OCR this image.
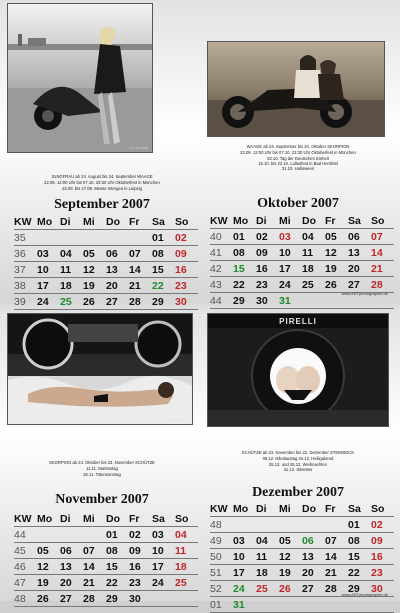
by Lutz Sarah
JUNGFRAU ab 24. August bis 24. September WAAGE
22.09. 12:00 Uhr bis 07.10. 23:30 Uhr Oktoberfest in München
23.09. bis 27.09. Messe Intergeo in Leipzig
September 2007
KW	Mo	Di	Mi	Do	Fr	Sa	So
35						01	02
36	03	04	05	06	07	08	09
37	10	11	12	13	14	15	16
38	17	18	19	20	21	22	23
39	24	25	26	27	28	29	30
WAAGE ab 24. September bis 24. Oktober SKORPION
22.09. 12:00 Uhr bis 07.10. 23:30 Uhr Oktoberfest in München
03.10. Tag der Deutschen Einheit
15.10. bis 22.10. Lullusfest in Bad Hersfeld
31.10. Halloween
Oktober 2007
KW	Mo	Di	Mi	Do	Fr	Sa	So
40	01	02	03	04	05	06	07
41	08	09	10	11	12	13	14
42	15	16	17	18	19	20	21
43	22	23	24	25	26	27	28
44	29	30	31				
www.ARTphotographie.de
by Lutz Sarah
SKORPION ab 24. Oktober bis 23. November SCHÜTZE
11.11. Martinstag
25.11. Totensonntag
November 2007
KW	Mo	Di	Mi	Do	Fr	Sa	So
44				01	02	03	04
45	05	06	07	08	09	10	11
46	12	13	14	15	16	17	18
47	19	20	21	22	23	24	25
48	26	27	28	29	30		
PIRELLI
SCHÜTZE ab 23. November bis 22. Dezember STEINBOCK
06.12. Nikolaustag 24.12. Heiligabend
25.12. und 26.12. Weihnachten
31.12. Silvester
Dezember 2007
KW	Mo	Di	Mi	Do	Fr	Sa	So
48						01	02
49	03	04	05	06	07	08	09
50	10	11	12	13	14	15	16
51	17	18	19	20	21	22	23
52	24	25	26	27	28	29	30
01	31						
www.ARTphotographie.de
